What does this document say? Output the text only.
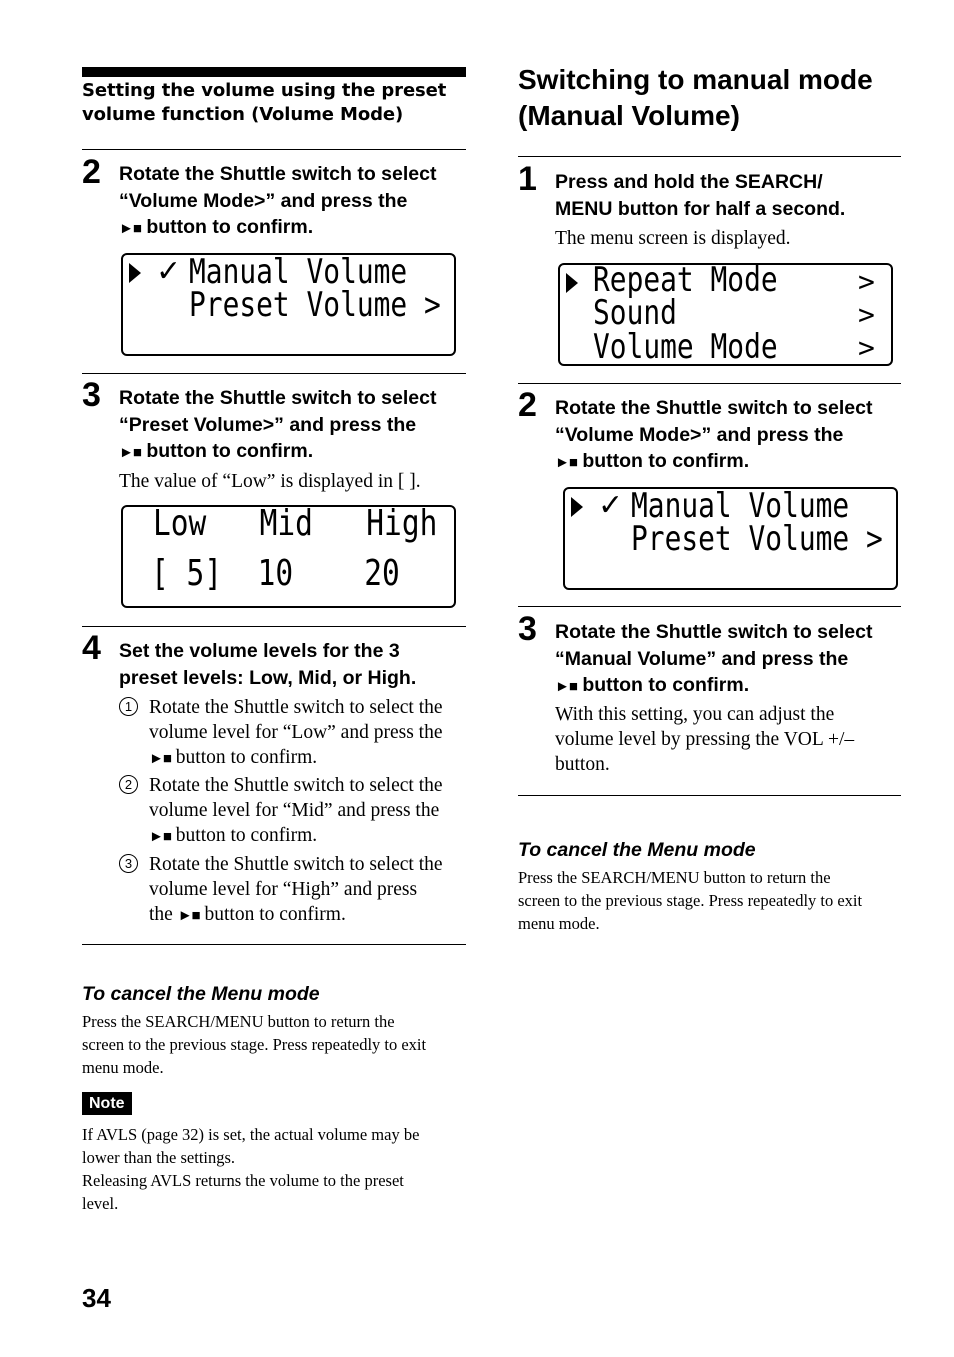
Setting the volume using the preset volume function (Volume Mode)
2 Rotate the Shuttle switch to select
“Volume Mode>” and press the
►■ button to confirm.
✓ Manual Volume
Preset Volume >
3 Rotate the Shuttle switch to select
“Preset Volume>” and press the
►■ button to confirm.
The value of “Low” is displayed in [ ].
Low   Mid   High
[ 5]  10    20
4 Set the volume levels for the 3
preset levels: Low, Mid, or High.
1 Rotate the Shuttle switch to select the
volume level for “Low” and press the
►■ button to confirm.
2 Rotate the Shuttle switch to select the
volume level for “Mid” and press the
►■ button to confirm.
3 Rotate the Shuttle switch to select the
volume level for “High” and press
the ►■ button to confirm.
To cancel the Menu mode
Press the SEARCH/MENU button to return the
screen to the previous stage. Press repeatedly to exit
menu mode.
Note
If AVLS (page 32) is set, the actual volume may be
lower than the settings.
Releasing AVLS returns the volume to the preset
level.
Switching to manual mode
(Manual Volume)
1 Press and hold the SEARCH/
MENU button for half a second.
The menu screen is displayed.
Repeat Mode
Sound
Volume Mode
>
>
>
2 Rotate the Shuttle switch to select
“Volume Mode>” and press the
►■ button to confirm.
✓ Manual Volume
Preset Volume >
3 Rotate the Shuttle switch to select
“Manual Volume” and press the
►■ button to confirm.
With this setting, you can adjust the
volume level by pressing the VOL +/–
button.
To cancel the Menu mode
Press the SEARCH/MENU button to return the
screen to the previous stage. Press repeatedly to exit
menu mode.
34
